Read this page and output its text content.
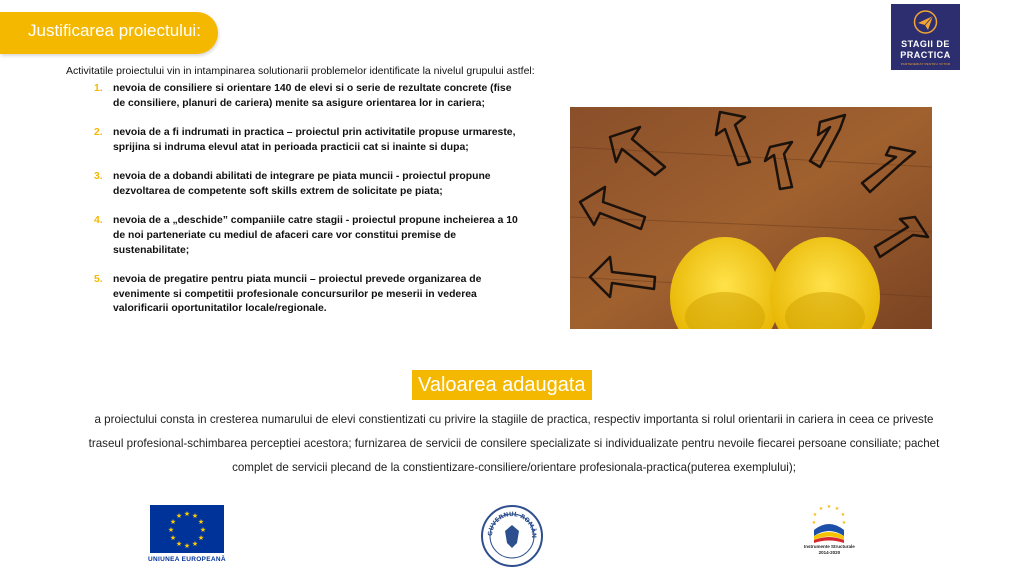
Justificarea proiectului:
STAGII DE
PRACTICA
PARTENERIAT PENTRU VIITOR
Activitatile proiectului vin in intampinarea solutionarii problemelor identificate la nivelul grupului astfel:
1. nevoia de consiliere si orientare 140 de elevi si o serie de rezultate concrete (fise de consiliere, planuri de cariera) menite sa asigure orientarea lor in cariera;
2. nevoia de a fi indrumati in practica – proiectul prin activitatile propuse urmareste, sprijina si indruma elevul atat in perioada practicii cat si inainte si dupa;
3. nevoia de a dobandi abilitati de integrare pe piata muncii - proiectul propune dezvoltarea de competente soft skills extrem de solicitate pe piata;
4. nevoia de a „deschide” companiile catre stagii - proiectul propune incheierea a 10 de noi parteneriate cu mediul de afaceri care vor constitui premise de sustenabilitate;
5. nevoia de pregatire pentru piata muncii – proiectul prevede organizarea de evenimente si competitii profesionale concursurilor pe meserii in vederea valorificarii oportunitatilor locale/regionale.
Valoarea adaugata
a proiectului consta in cresterea numarului de elevi constientizati cu privire la stagiile de practica, respectiv importanta si rolul orientarii in cariera in ceea ce priveste traseul profesional-schimbarea perceptiei acestora; furnizarea de servicii de consilere specializate si individualizate pentru nevoile fiecarei persoane consiliate; pachet complet de servicii plecand de la constientizare-consiliere/orientare profesionala-practica(puterea exemplului);
★ ★
★
★
★
★
★
★
★
★
★
★
UNIUNEA EUROPEANĂ
GUVERNUL ROMÂN
★ ★
★
★
★
★
★
Instrumente Structurale
2014-2020
